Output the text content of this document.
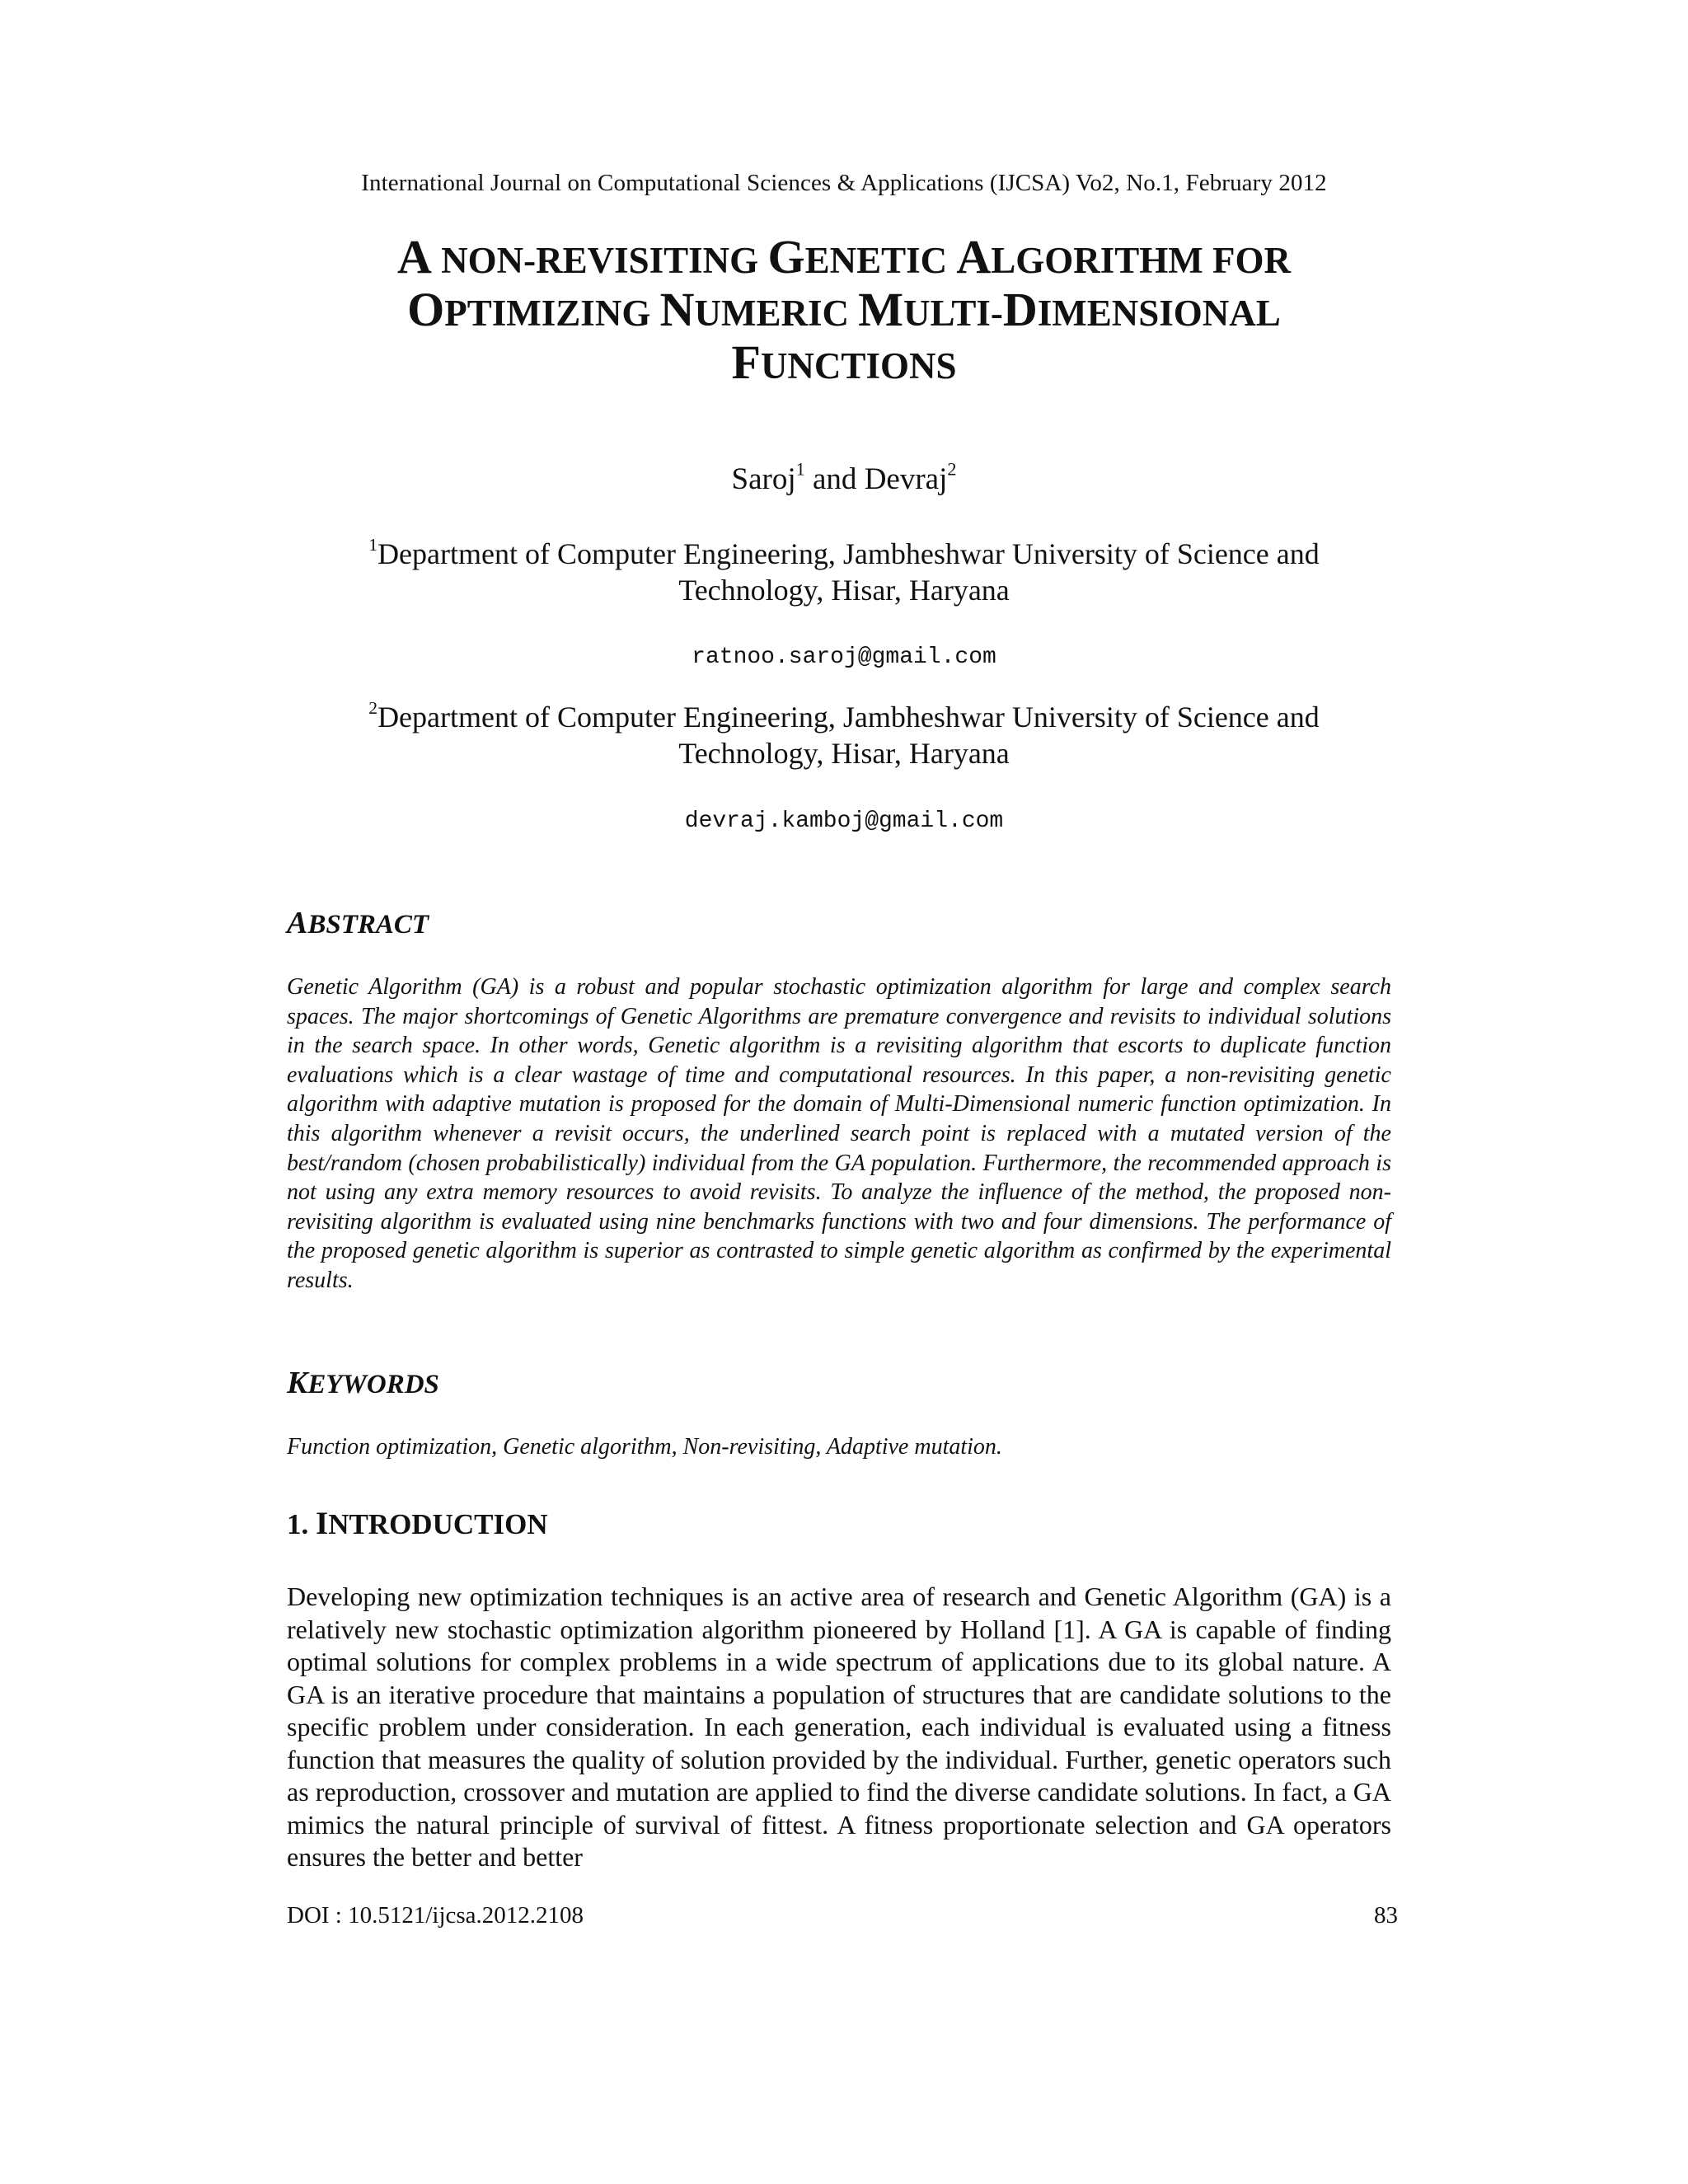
International Journal on Computational Sciences & Applications (IJCSA) Vo2, No.1, February 2012
A NON-REVISITING GENETIC ALGORITHM FOR
OPTIMIZING NUMERIC MULTI-DIMENSIONAL
FUNCTIONS
Saroj$^1$ and Devraj$^2$
$^1$Department of Computer Engineering, Jambheshwar University of Science and
Technology, Hisar, Haryana
ratnoo.saroj@gmail.com
$^2$Department of Computer Engineering, Jambheshwar University of Science and
Technology, Hisar, Haryana
devraj.kamboj@gmail.com
ABSTRACT
Genetic Algorithm (GA) is a robust and popular stochastic optimization algorithm for large and complex search spaces. The major shortcomings of Genetic Algorithms are premature convergence and revisits to individual solutions in the search space. In other words, Genetic algorithm is a revisiting algorithm that escorts to duplicate function evaluations which is a clear wastage of time and computational resources. In this paper, a non-revisiting genetic algorithm with adaptive mutation is proposed for the domain of Multi-Dimensional numeric function optimization. In this algorithm whenever a revisit occurs, the underlined search point is replaced with a mutated version of the best/random (chosen probabilistically) individual from the GA population. Furthermore, the recommended approach is not using any extra memory resources to avoid revisits. To analyze the influence of the method, the proposed non-revisiting algorithm is evaluated using nine benchmarks functions with two and four dimensions. The performance of the proposed genetic algorithm is superior as contrasted to simple genetic algorithm as confirmed by the experimental results.
KEYWORDS
Function optimization, Genetic algorithm, Non-revisiting, Adaptive mutation.
1. INTRODUCTION
Developing new optimization techniques is an active area of research and Genetic Algorithm (GA) is a relatively new stochastic optimization algorithm pioneered by Holland [1]. A GA is capable of finding optimal solutions for complex problems in a wide spectrum of applications due to its global nature. A GA is an iterative procedure that maintains a population of structures that are candidate solutions to the specific problem under consideration. In each generation, each individual is evaluated using a fitness function that measures the quality of solution provided by the individual. Further, genetic operators such as reproduction, crossover and mutation are applied to find the diverse candidate solutions. In fact, a GA mimics the natural principle of survival of fittest. A fitness proportionate selection and GA operators ensures the better and better
DOI : 10.5121/ijcsa.2012.2108	83
